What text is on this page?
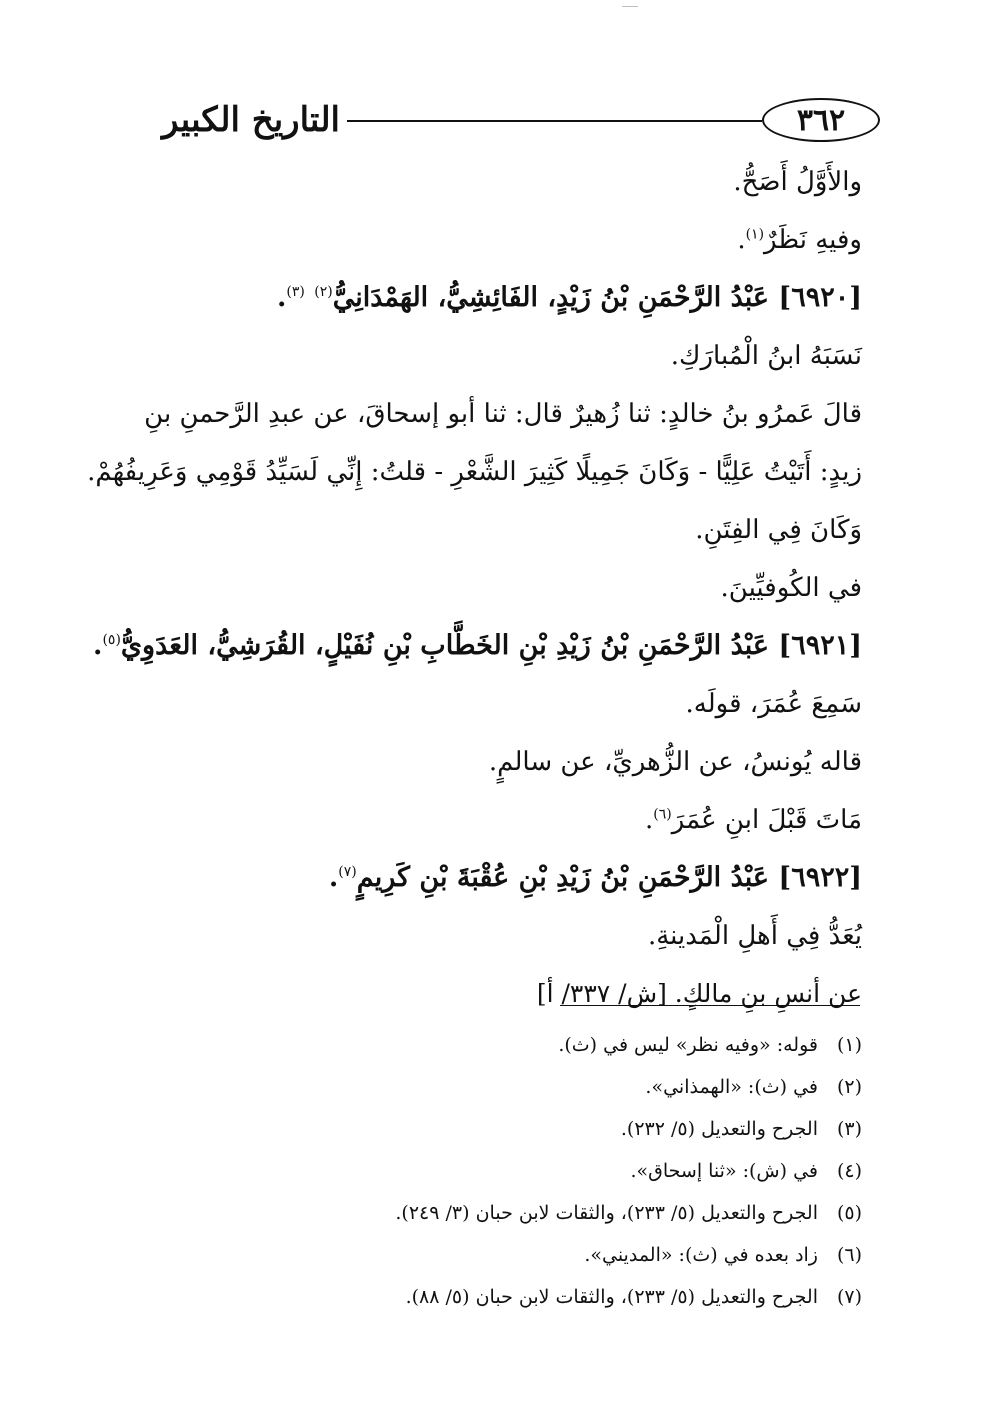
٣٦٢
التاريخ الكبير
والأَوَّلُ أَصَحُّ.
وفيهِ نَظَرٌ$^{(١)}$.
[٦٩٢٠] عَبْدُ الرَّحْمَنِ بْنُ زَيْدٍ، الفَائِشِيُّ، الهَمْدَانِيُّ$^{(٢)}$ $^{(٣)}$.
نَسَبَهُ ابنُ الْمُبارَكِ.
قالَ عَمرُو بنُ خالدٍ: ثنا زُهيرٌ قال: ثنا أبو إسحاقَ، عن عبدِ الرَّحمنِ بنِ
زيدٍ: أَتَيْتُ عَلِيًّا - وَكَانَ جَمِيلًا كَثِيرَ الشَّعْرِ - قلتُ: إِنِّي لَسَيِّدُ قَوْمِي وَعَرِيفُهُمْ.
وَكَانَ فِي الفِتَنِ.
في الكُوفيِّينَ.
[٦٩٢١] عَبْدُ الرَّحْمَنِ بْنُ زَيْدِ بْنِ الخَطَّابِ بْنِ نُفَيْلٍ، القُرَشِيُّ، العَدَوِيُّ$^{(٥)}$.
سَمِعَ عُمَرَ، قولَه.
قاله يُونسُ، عن الزُّهريِّ، عن سالمٍ.
مَاتَ قَبْلَ ابنِ عُمَرَ$^{(٦)}$.
[٦٩٢٢] عَبْدُ الرَّحْمَنِ بْنُ زَيْدِ بْنِ عُقْبَةَ بْنِ كَرِيمٍ$^{(٧)}$.
يُعَدُّ فِي أَهلِ الْمَدينةِ.
عن أنسِ بنِ مالكٍ. [ش/ ٣٣٧/ أ]
(١)قوله: «وفيه نظر» ليس في (ث).
(٢)في (ث): «الهمذاني».
(٣)الجرح والتعديل (٥/ ٢٣٢).
(٤)في (ش): «ثنا إسحاق».
(٥)الجرح والتعديل (٥/ ٢٣٣)، والثقات لابن حبان (٣/ ٢٤٩).
(٦)زاد بعده في (ث): «المديني».
(٧)الجرح والتعديل (٥/ ٢٣٣)، والثقات لابن حبان (٥/ ٨٨).
